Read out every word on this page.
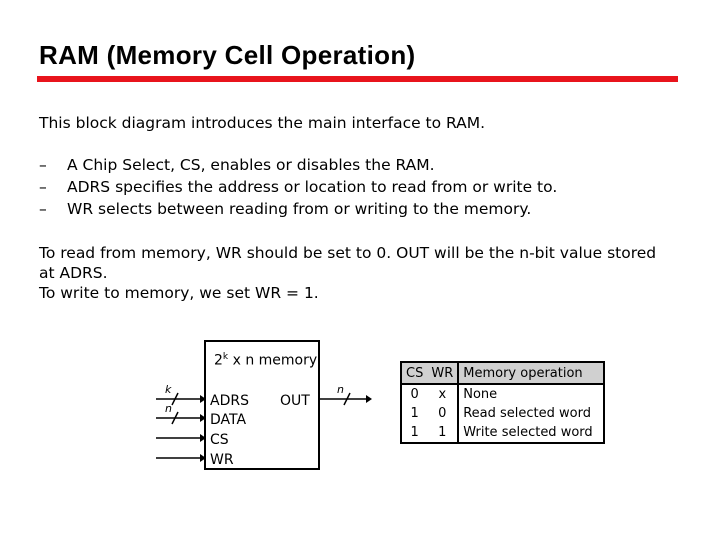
RAM (Memory Cell Operation)
This block diagram introduces the main interface to RAM.
–	A Chip Select, CS, enables or disables the RAM.
–	ADRS specifies the address or location to read from or write to.
–	WR selects between reading from or writing to the memory.
To read from memory, WR should be set to 0. OUT will be the n-bit value stored
at ADRS.
To write to memory, we set WR = 1.
k
n
n
2$^k$ x n memory
ADRS
DATA
CS
WR
OUT
CS	WR	Memory operation
0	x	None
1	0	Read selected word
1	1	Write selected word
